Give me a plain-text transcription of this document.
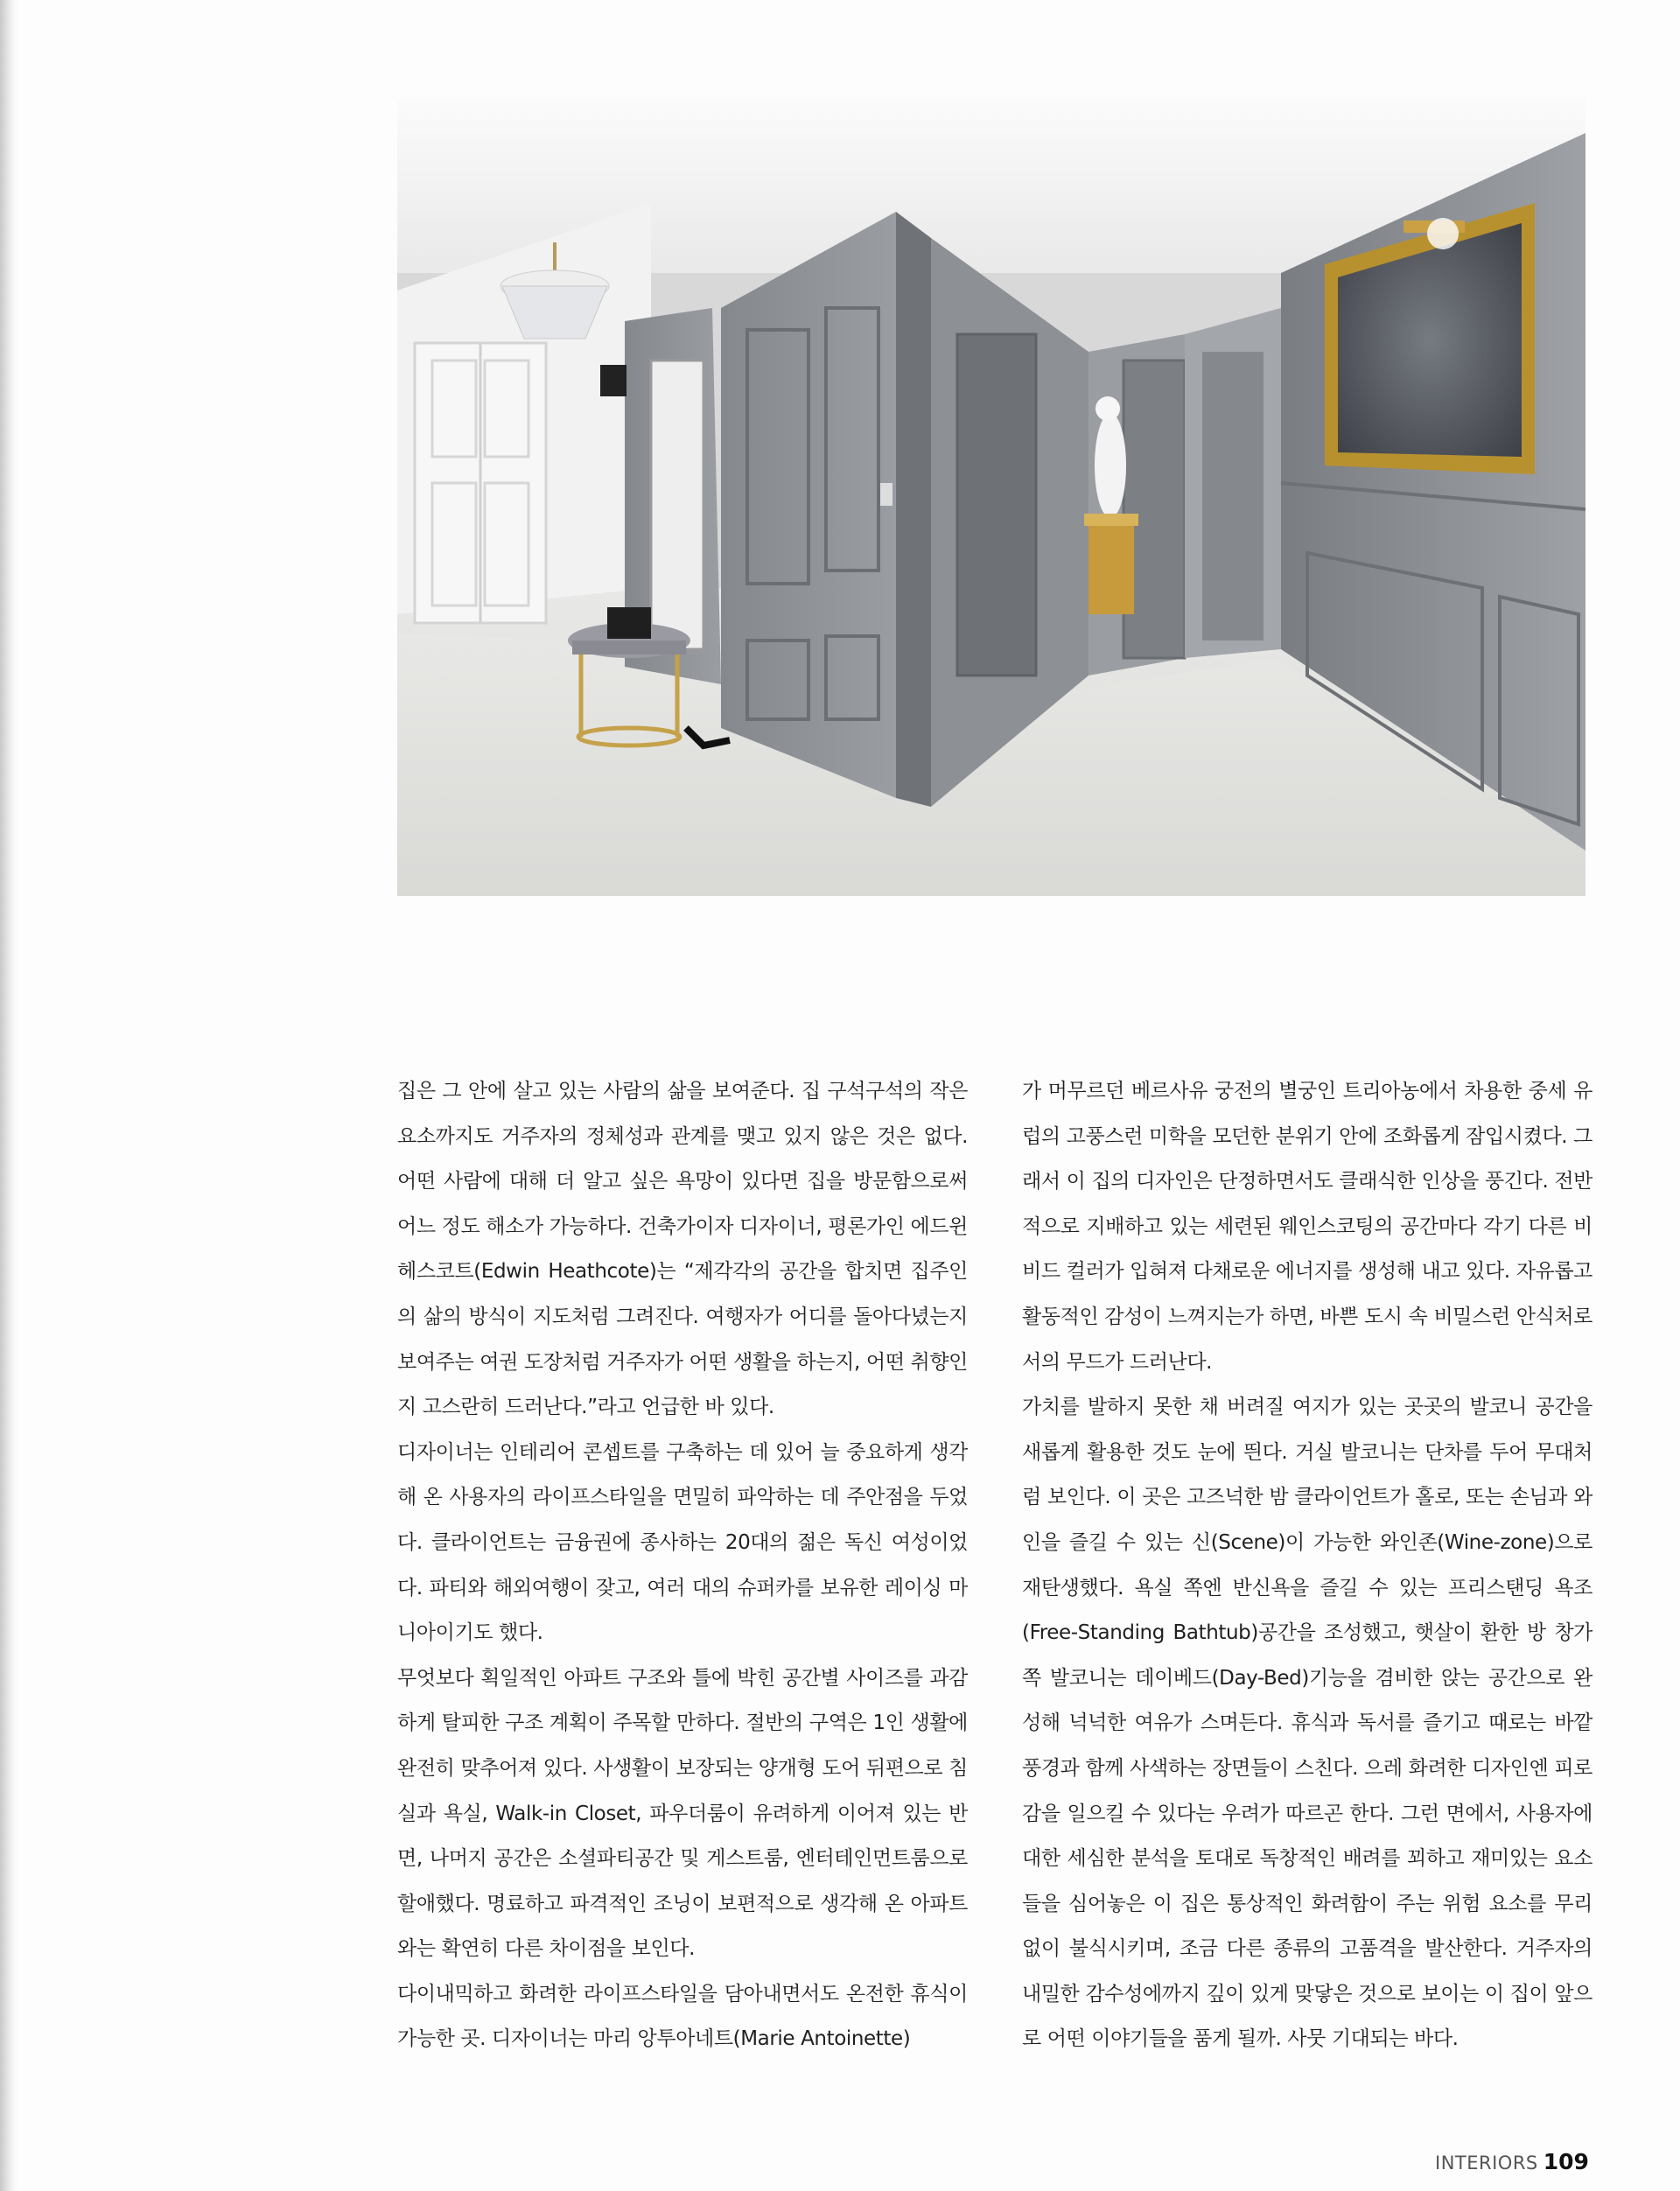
집은 그 안에 살고 있는 사람의 삶을 보여준다. 집 구석구석의 작은 요소까지도 거주자의 정체성과 관계를 맺고 있지 않은 것은 없다. 어떤 사람에 대해 더 알고 싶은 욕망이 있다면 집을 방문함으로써 어느 정도 해소가 가능하다. 건축가이자 디자이너, 평론가인 에드윈 헤스코트(Edwin Heathcote)는 “제각각의 공간을 합치면 집주인의 삶의 방식이 지도처럼 그려진다. 여행자가 어디를 돌아다녔는지 보여주는 여권 도장처럼 거주자가 어떤 생활을 하는지, 어떤 취향인지 고스란히 드러난다.”라고 언급한 바 있다.

디자이너는 인테리어 콘셉트를 구축하는 데 있어 늘 중요하게 생각해 온 사용자의 라이프스타일을 면밀히 파악하는 데 주안점을 두었다. 클라이언트는 금융권에 종사하는 20대의 젊은 독신 여성이었다. 파티와 해외여행이 잦고, 여러 대의 슈퍼카를 보유한 레이싱 마니아이기도 했다.

무엇보다 획일적인 아파트 구조와 틀에 박힌 공간별 사이즈를 과감하게 탈피한 구조 계획이 주목할 만하다. 절반의 구역은 1인 생활에 완전히 맞추어져 있다. 사생활이 보장되는 양개형 도어 뒤편으로 침실과 욕실, Walk-in Closet, 파우더룸이 유려하게 이어져 있는 반면, 나머지 공간은 소셜파티공간 및 게스트룸, 엔터테인먼트룸으로 할애했다. 명료하고 파격적인 조닝이 보편적으로 생각해 온 아파트와는 확연히 다른 차이점을 보인다.

다이내믹하고 화려한 라이프스타일을 담아내면서도 온전한 휴식이 가능한 곳. 디자이너는 마리 앙투아네트(Marie Antoinette)

가 머무르던 베르사유 궁전의 별궁인 트리아농에서 차용한 중세 유럽의 고풍스런 미학을 모던한 분위기 안에 조화롭게 잠입시켰다. 그래서 이 집의 디자인은 단정하면서도 클래식한 인상을 풍긴다. 전반적으로 지배하고 있는 세련된 웨인스코팅의 공간마다 각기 다른 비비드 컬러가 입혀져 다채로운 에너지를 생성해 내고 있다. 자유롭고 활동적인 감성이 느껴지는가 하면, 바쁜 도시 속 비밀스런 안식처로서의 무드가 드러난다.

가치를 발하지 못한 채 버려질 여지가 있는 곳곳의 발코니 공간을 새롭게 활용한 것도 눈에 띈다. 거실 발코니는 단차를 두어 무대처럼 보인다. 이 곳은 고즈넉한 밤 클라이언트가 홀로, 또는 손님과 와인을 즐길 수 있는 신(Scene)이 가능한 와인존(Wine-zone)으로 재탄생했다. 욕실 쪽엔 반신욕을 즐길 수 있는 프리스탠딩 욕조(Free-Standing Bathtub)공간을 조성했고, 햇살이 환한 방 창가 쪽 발코니는 데이베드(Day-Bed)기능을 겸비한 앉는 공간으로 완성해 넉넉한 여유가 스며든다. 휴식과 독서를 즐기고 때로는 바깥 풍경과 함께 사색하는 장면들이 스친다. 으레 화려한 디자인엔 피로감을 일으킬 수 있다는 우려가 따르곤 한다. 그런 면에서, 사용자에 대한 세심한 분석을 토대로 독창적인 배려를 꾀하고 재미있는 요소들을 심어놓은 이 집은 통상적인 화려함이 주는 위험 요소를 무리 없이 불식시키며, 조금 다른 종류의 고품격을 발산한다. 거주자의 내밀한 감수성에까지 깊이 있게 맞닿은 것으로 보이는 이 집이 앞으로 어떤 이야기들을 품게 될까. 사뭇 기대되는 바다.

INTERIORS 109
